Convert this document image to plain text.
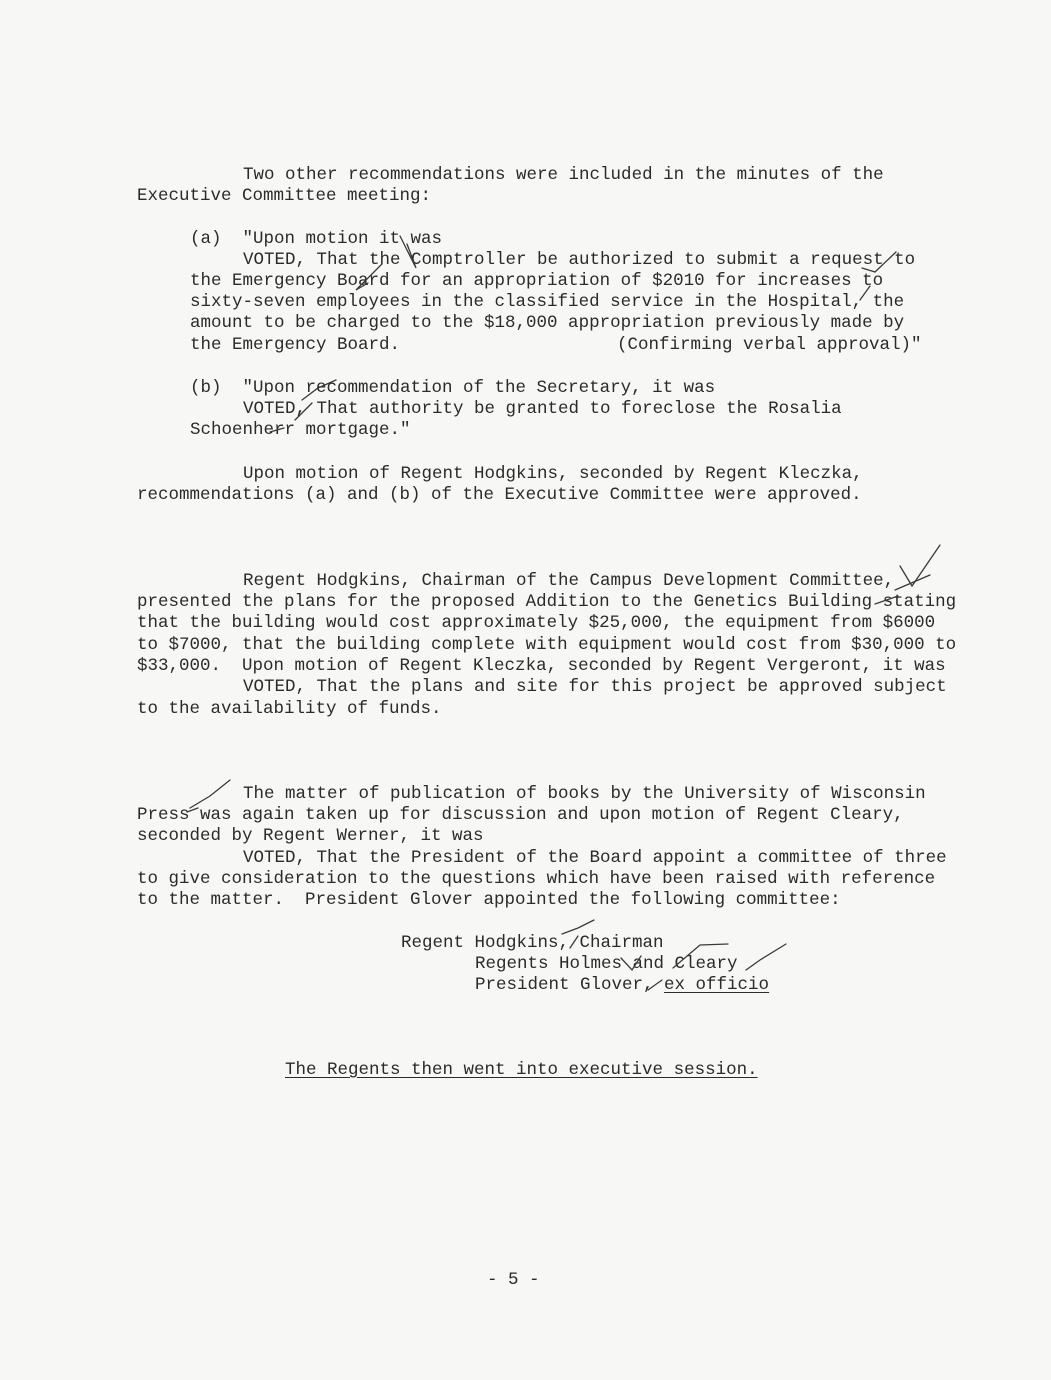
Two other recommendations were included in the minutes of the
Executive Committee meeting:
(a)  "Upon motion it was
VOTED, That the Comptroller be authorized to submit a request to
the Emergency Board for an appropriation of $2010 for increases to
sixty-seven employees in the classified service in the Hospital, the
amount to be charged to the $18,000 appropriation previously made by
the Emergency Board.	(Confirming verbal approval)"
(b)  "Upon recommendation of the Secretary, it was
VOTED, That authority be granted to foreclose the Rosalia
Schoenherr mortgage."
Upon motion of Regent Hodgkins, seconded by Regent Kleczka,
recommendations (a) and (b) of the Executive Committee were approved.
Regent Hodgkins, Chairman of the Campus Development Committee,
presented the plans for the proposed Addition to the Genetics Building stating
that the building would cost approximately $25,000, the equipment from $6000
to $7000, that the building complete with equipment would cost from $30,000 to
$33,000.  Upon motion of Regent Kleczka, seconded by Regent Vergeront, it was
VOTED, That the plans and site for this project be approved subject
to the availability of funds.
The matter of publication of books by the University of Wisconsin
Press was again taken up for discussion and upon motion of Regent Cleary,
seconded by Regent Werner, it was
VOTED, That the President of the Board appoint a committee of three
to give consideration to the questions which have been raised with reference
to the matter.  President Glover appointed the following committee:
Regent Hodgkins, Chairman
Regents Holmes and Cleary
President Glover, ex officio
The Regents then went into executive session.
- 5 -
